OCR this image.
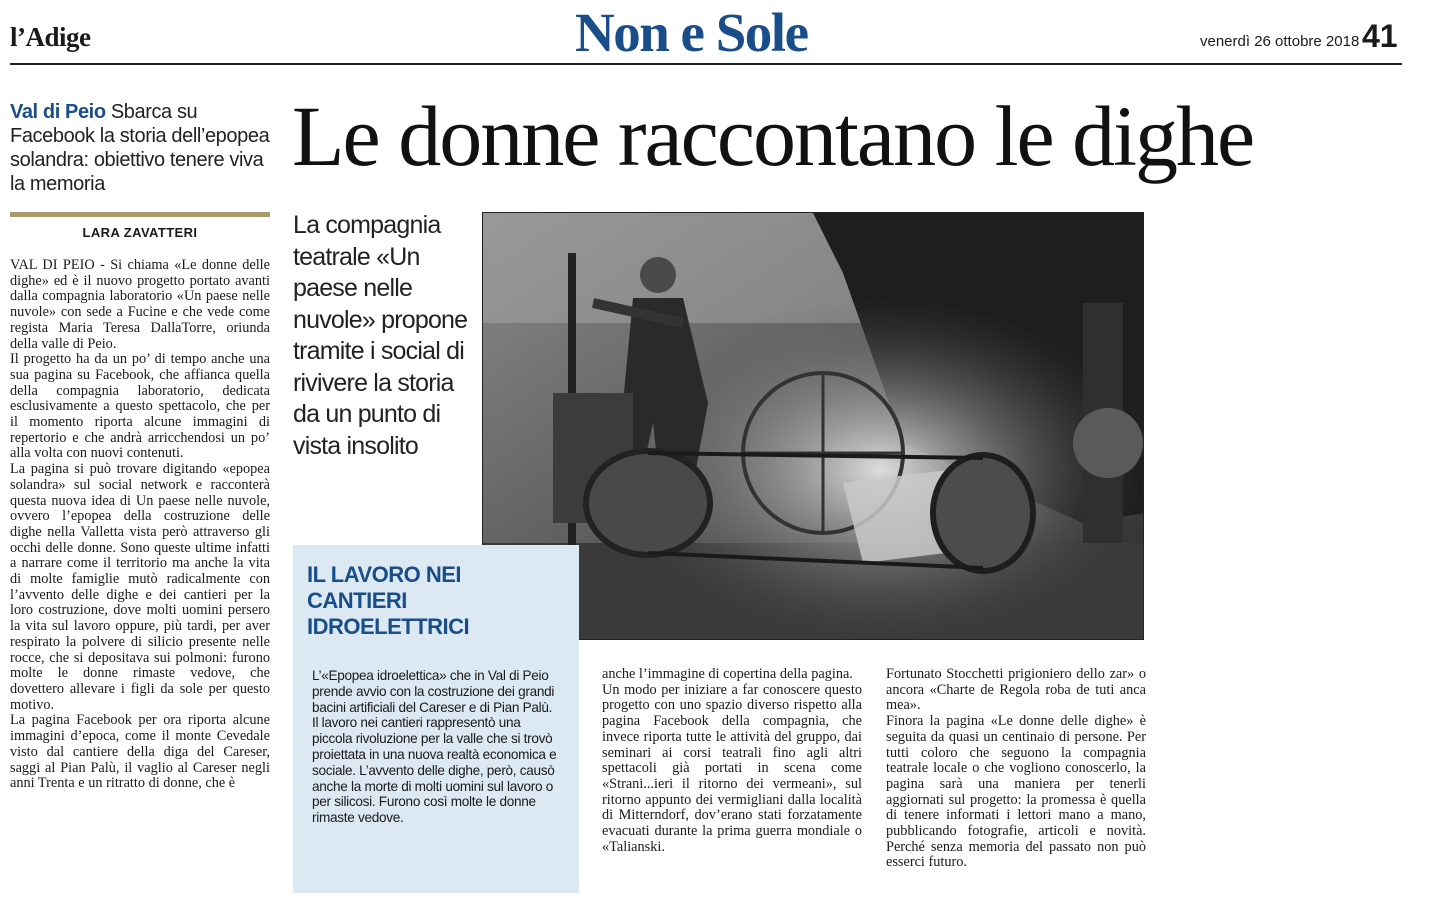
l’Adige	Non e Sole	venerdì 26 ottobre 2018 41
Val di Peio Sbarca su Facebook la storia dell’epopea solandra: obiettivo tenere viva la memoria	Le donne raccontano le dighe
LARA ZAVATTERI

VAL DI PEIO - Si chiama «Le donne delle dighe» ed è il nuovo progetto portato avanti dalla compagnia laboratorio «Un paese nelle nuvole» con sede a Fucine e che vede come regista Maria Teresa DallaTorre, oriunda della valle di Peio.

Il progetto ha da un po’ di tempo anche una sua pagina su Facebook, che affianca quella della compagnia laboratorio, dedicata esclusivamente a questo spettacolo, che per il momento riporta alcune immagini di repertorio e che andrà arricchendosi un po’ alla volta con nuovi contenuti.

La pagina si può trovare digitando «epopea solandra» sul social network e racconterà questa nuova idea di Un paese nelle nuvole, ovvero l’epopea della costruzione delle dighe nella Valletta vista però attraverso gli occhi delle donne. Sono queste ultime infatti a narrare come il territorio ma anche la vita di molte famiglie mutò radicalmente con l’avvento delle dighe e dei cantieri per la loro costruzione, dove molti uomini persero la vita sul lavoro oppure, più tardi, per aver respirato la polvere di silicio presente nelle rocce, che si depositava sui polmoni: furono molte le donne rimaste vedove, che dovettero allevare i figli da sole per questo motivo.

La pagina Facebook per ora riporta alcune immagini d’epoca, come il monte Cevedale visto dal cantiere della diga del Careser, saggi al Pian Palù, il vaglio al Careser negli anni Trenta e un ritratto di donne, che è

La compagnia teatrale «Un paese nelle nuvole» propone tramite i social di rivivere la storia da un punto di vista insolito
IL LAVORO NEI CANTIERI IDROELETTRICI
L’«Epopea idroelettica» che in Val di Peio prende avvio con la costruzione dei grandi bacini artificiali del Careser e di Pian Palù. Il lavoro nei cantieri rappresentò una piccola rivoluzione per la valle che si trovò proiettata in una nuova realtà economica e sociale. L’avvento delle dighe, però, causò anche la morte di molti uomini sul lavoro o per silicosi. Furono così molte le donne rimaste vedove.

anche l’immagine di copertina della pagina.

Un modo per iniziare a far conoscere questo progetto con uno spazio diverso rispetto alla pagina Facebook della compagnia, che invece riporta tutte le attività del gruppo, dai seminari ai corsi teatrali fino agli altri spettacoli già portati in scena come «Strani...ieri il ritorno dei vermeani», sul ritorno appunto dei vermigliani dalla località di Mitterndorf, dov’erano stati forzatamente evacuati durante la prima guerra mondiale o «Talianski.

Fortunato Stocchetti prigioniero dello zar» o ancora «Charte de Regola roba de tuti anca mea».

Finora la pagina «Le donne delle dighe» è seguita da quasi un centinaio di persone. Per tutti coloro che seguono la compagnia teatrale locale o che vogliono conoscerlo, la pagina sarà una maniera per tenerli aggiornati sul progetto: la promessa è quella di tenere informati i lettori mano a mano, pubblicando fotografie, articoli e novità. Perché senza memoria del passato non può esserci futuro.
